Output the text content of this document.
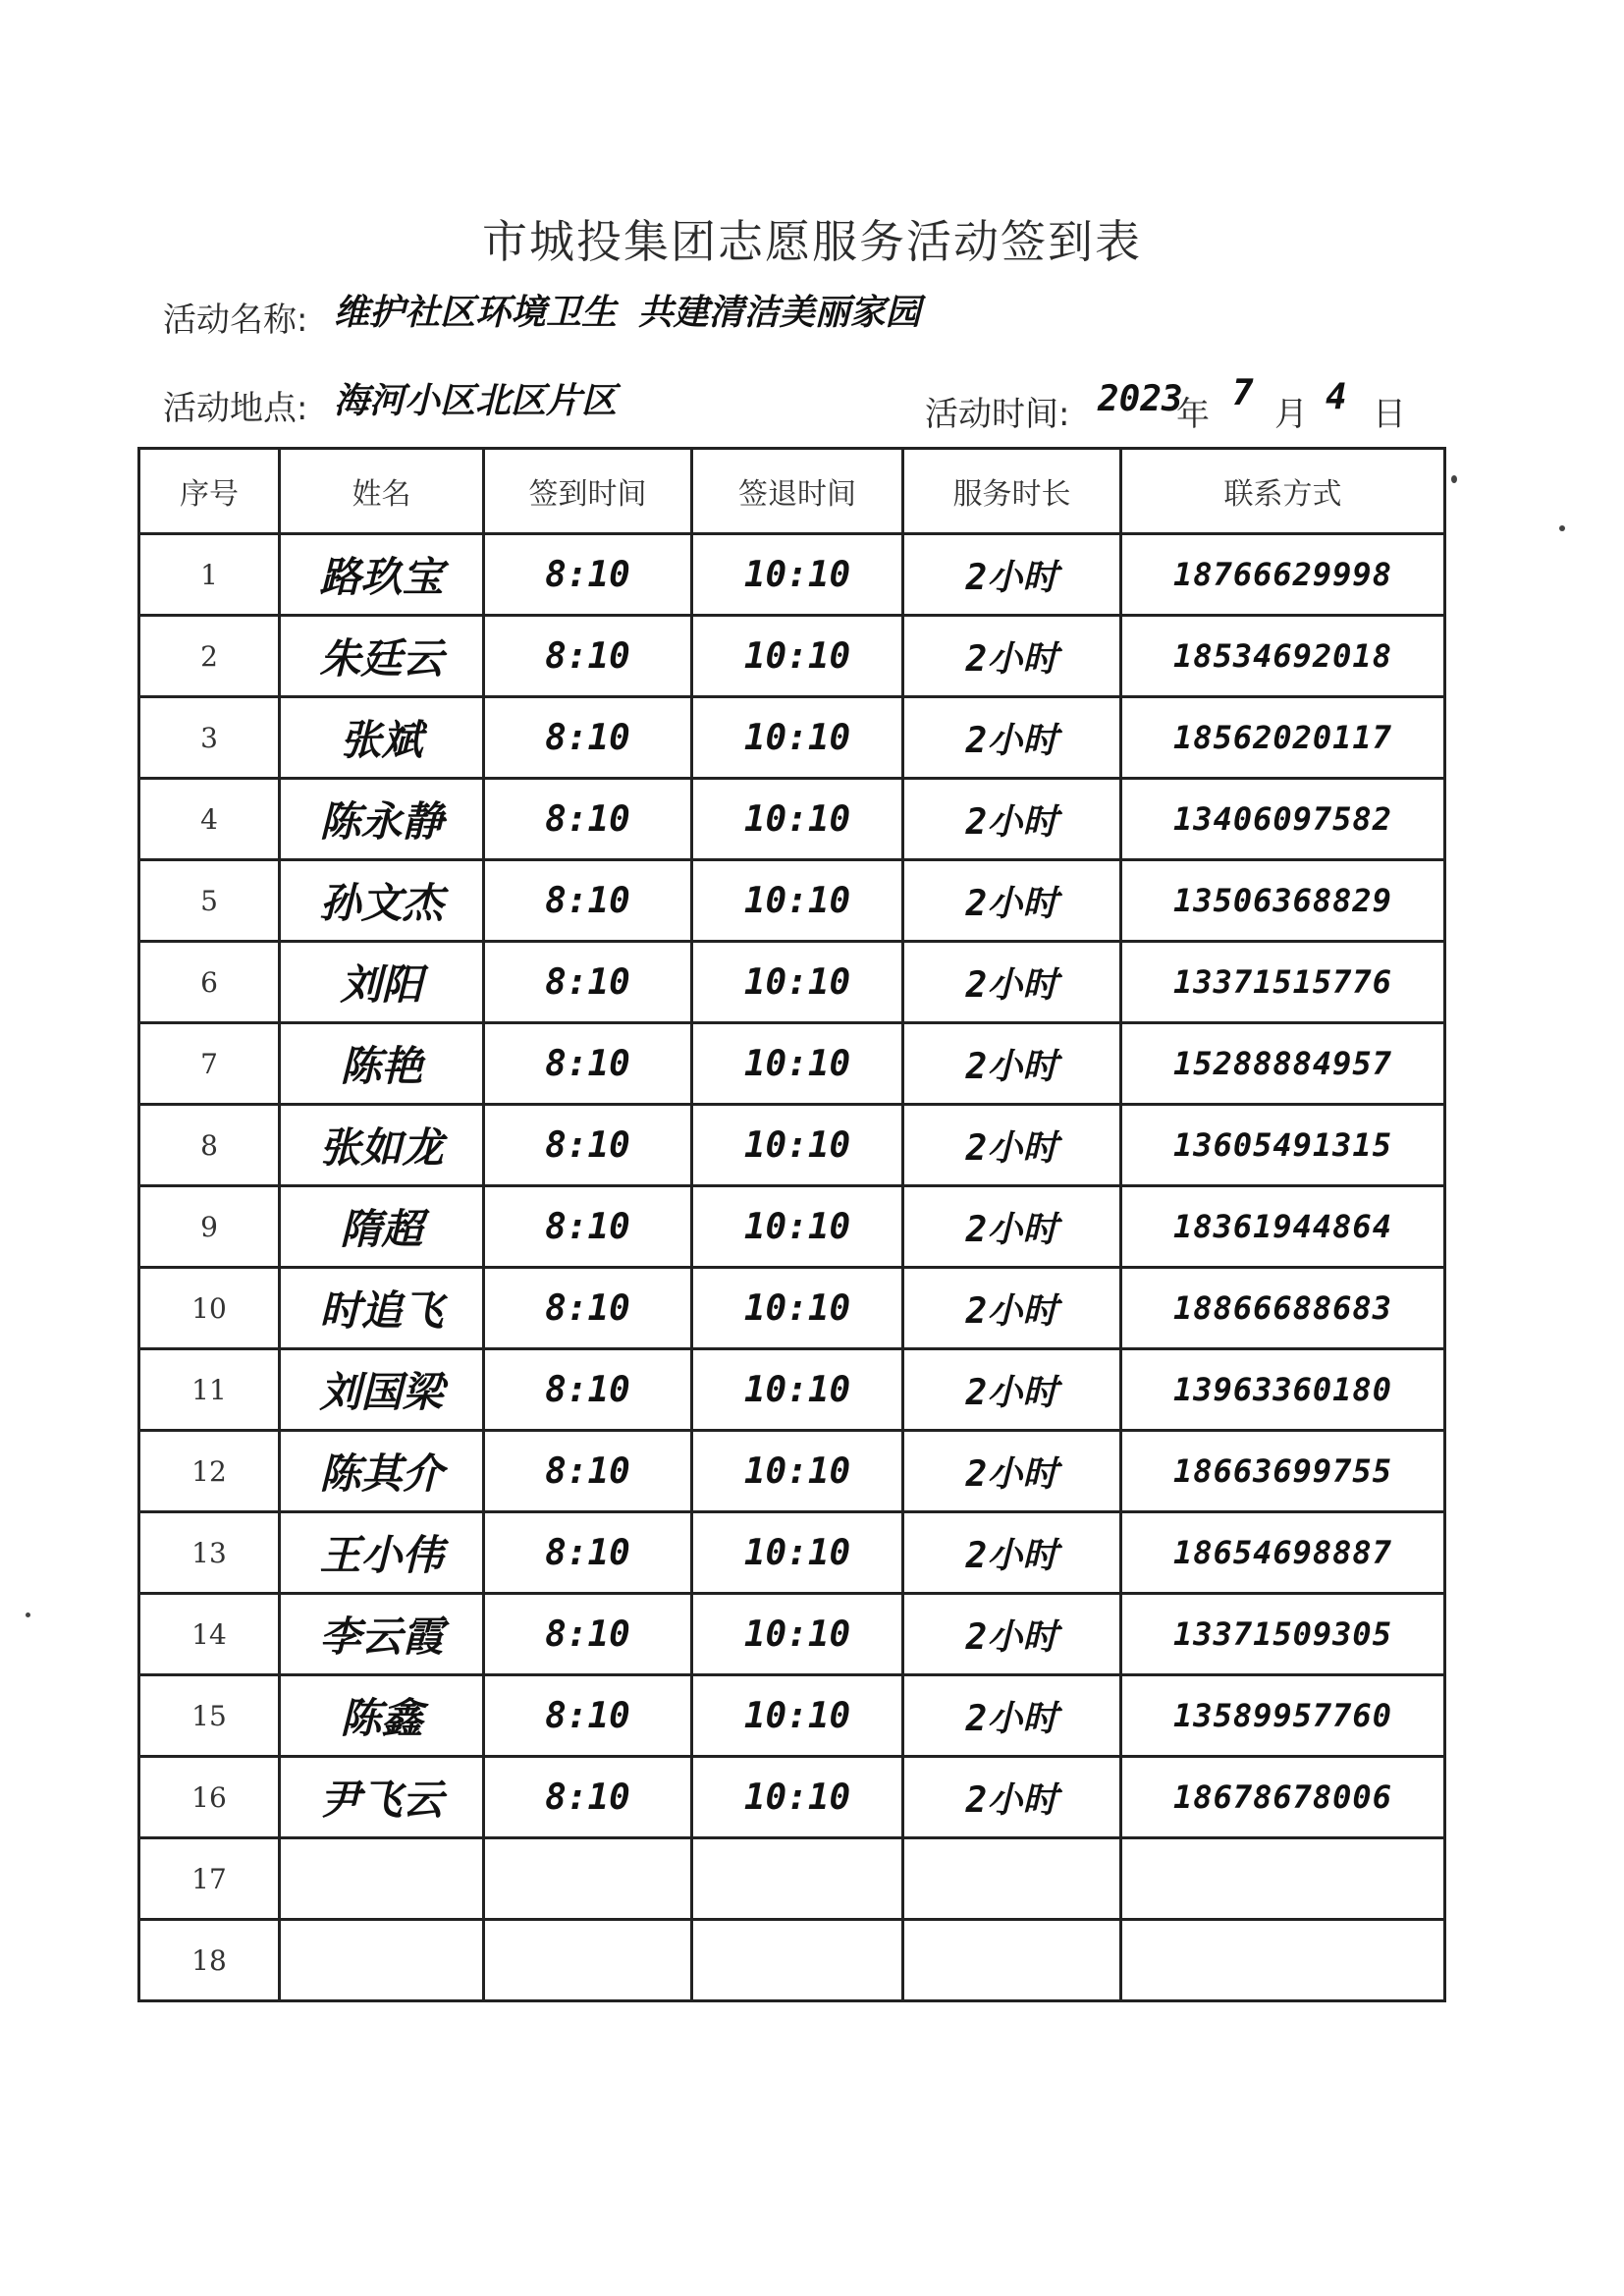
市城投集团志愿服务活动签到表
活动名称: 维护社区环境卫生 共建清洁美丽家园
活动地点: 海河小区北区片区	活动时间: 2023
年
7
月 4 日
序号	姓名	签到时间	签退时间	服务时长	联系方式
1	路玖宝	8:10	10:10	2小时	18766629998
2	朱廷云	8:10	10:10	2小时	18534692018
3	张斌	8:10	10:10	2小时	18562020117
4	陈永静	8:10	10:10	2小时	13406097582
5	孙文杰	8:10	10:10	2小时	13506368829
6	刘阳	8:10	10:10	2小时	13371515776
7	陈艳	8:10	10:10	2小时	15288884957
8	张如龙	8:10	10:10	2小时	13605491315
9	隋超	8:10	10:10	2小时	18361944864
10	时追飞	8:10	10:10	2小时	18866688683
11	刘国梁	8:10	10:10	2小时	13963360180
12	陈其介	8:10	10:10	2小时	18663699755
13	王小伟	8:10	10:10	2小时	18654698887
14	李云霞	8:10	10:10	2小时	13371509305
15	陈鑫	8:10	10:10	2小时	13589957760
16	尹飞云	8:10	10:10	2小时	18678678006
17					
18					
